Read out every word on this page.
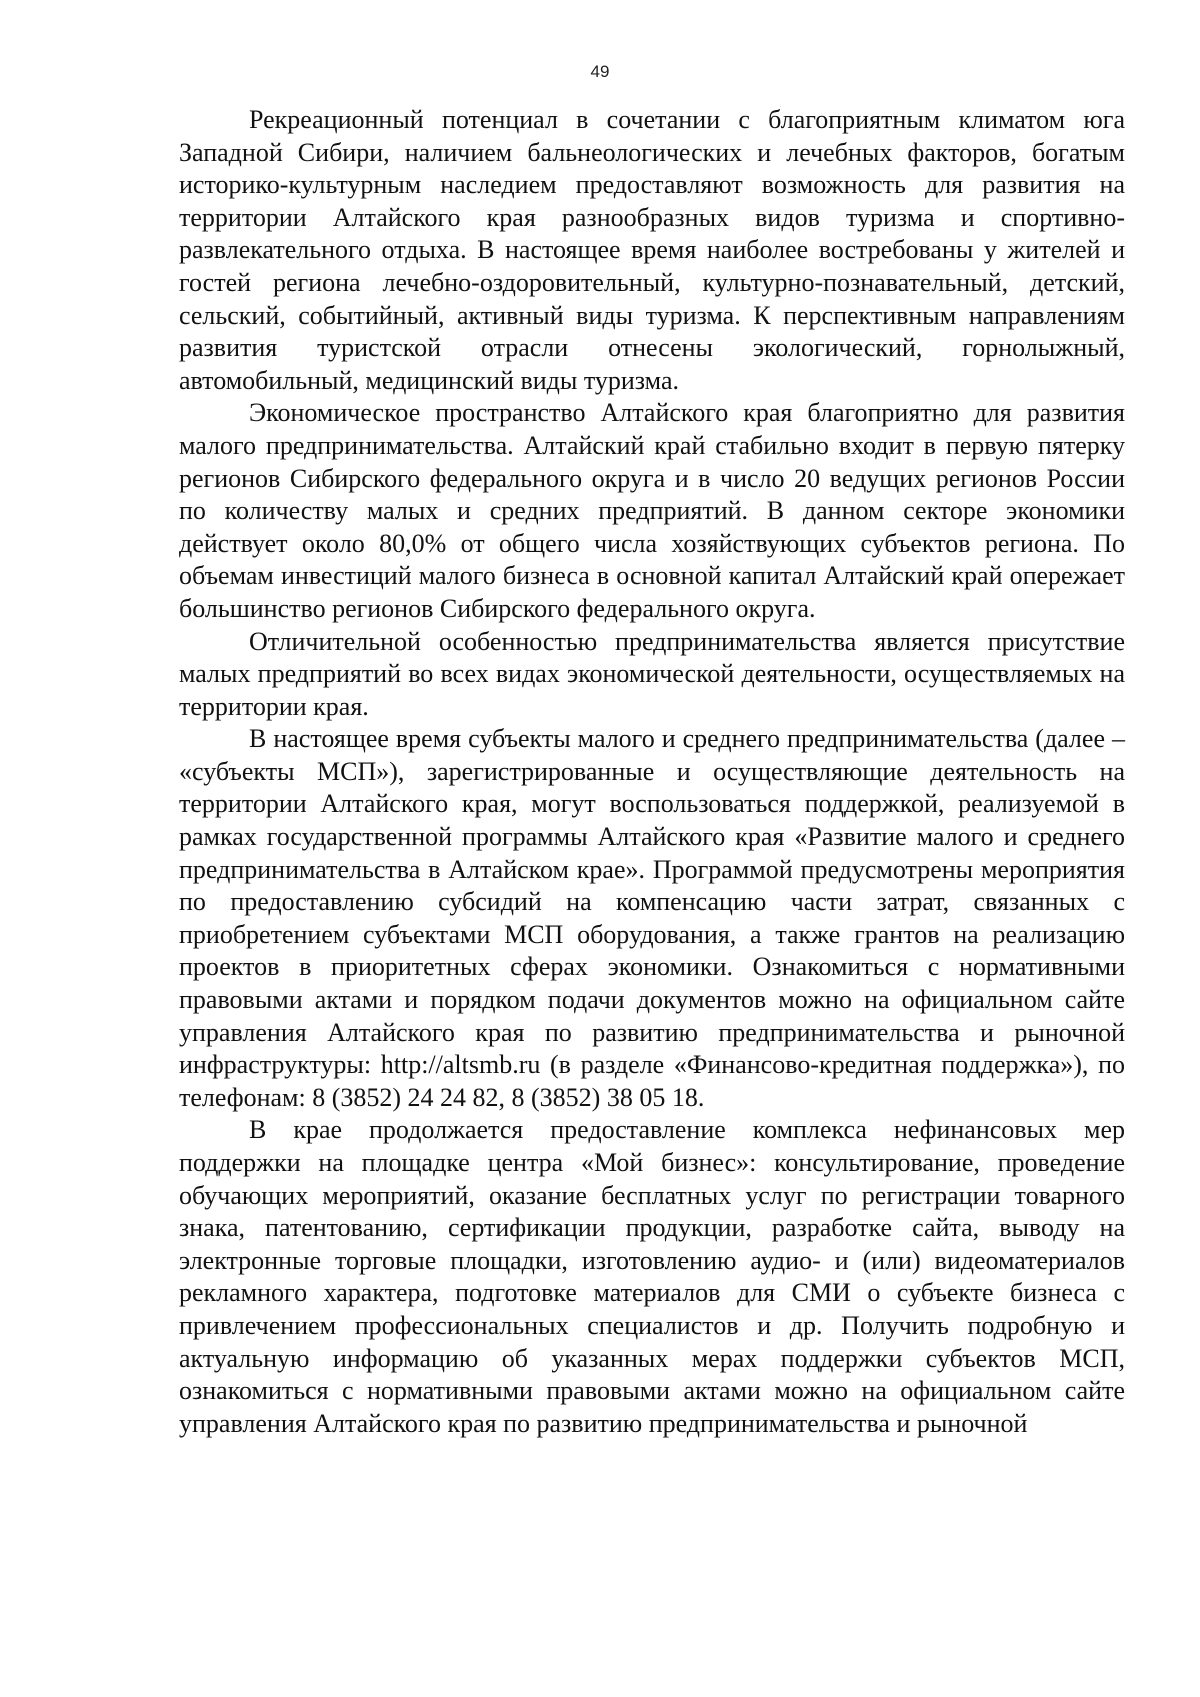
49

Рекреационный потенциал в сочетании с благоприятным климатом юга Западной Сибири, наличием бальнеологических и лечебных факторов, богатым историко-культурным наследием предоставляют возможность для развития на территории Алтайского края разнообразных видов туризма и спортивно-развлекательного отдыха. В настоящее время наиболее востребованы у жителей и гостей региона лечебно-оздоровительный, культурно-познавательный, детский, сельский, событийный, активный виды туризма. К перспективным направлениям развития туристской отрасли отнесены экологический, горнолыжный, автомобильный, медицинский виды туризма.

Экономическое пространство Алтайского края благоприятно для развития малого предпринимательства. Алтайский край стабильно входит в первую пятерку регионов Сибирского федерального округа и в число 20 ведущих регионов России по количеству малых и средних предприятий. В данном секторе экономики действует около 80,0% от общего числа хозяйствующих субъектов региона. По объемам инвестиций малого бизнеса в основной капитал Алтайский край опережает большинство регионов Сибирского федерального округа.

Отличительной особенностью предпринимательства является присутствие малых предприятий во всех видах экономической деятельности, осуществляемых на территории края.

В настоящее время субъекты малого и среднего предпринимательства (далее – «субъекты МСП»), зарегистрированные и осуществляющие деятельность на территории Алтайского края, могут воспользоваться поддержкой, реализуемой в рамках государственной программы Алтайского края «Развитие малого и среднего предпринимательства в Алтайском крае». Программой предусмотрены мероприятия по предоставлению субсидий на компенсацию части затрат, связанных с приобретением субъектами МСП оборудования, а также грантов на реализацию проектов в приоритетных сферах экономики. Ознакомиться с нормативными правовыми актами и порядком подачи документов можно на официальном сайте управления Алтайского края по развитию предпринимательства и рыночной инфраструктуры: http://altsmb.ru (в разделе «Финансово-кредитная поддержка»), по телефонам: 8 (3852) 24 24 82, 8 (3852) 38 05 18.

В крае продолжается предоставление комплекса нефинансовых мер поддержки на площадке центра «Мой бизнес»: консультирование, проведение обучающих мероприятий, оказание бесплатных услуг по регистрации товарного знака, патентованию, сертификации продукции, разработке сайта, выводу на электронные торговые площадки, изготовлению аудио- и (или) видеоматериалов рекламного характера, подготовке материалов для СМИ о субъекте бизнеса с привлечением профессиональных специалистов и др. Получить подробную и актуальную информацию об указанных мерах поддержки субъектов МСП, ознакомиться с нормативными правовыми актами можно на официальном сайте управления Алтайского края по развитию предпринимательства и рыночной
